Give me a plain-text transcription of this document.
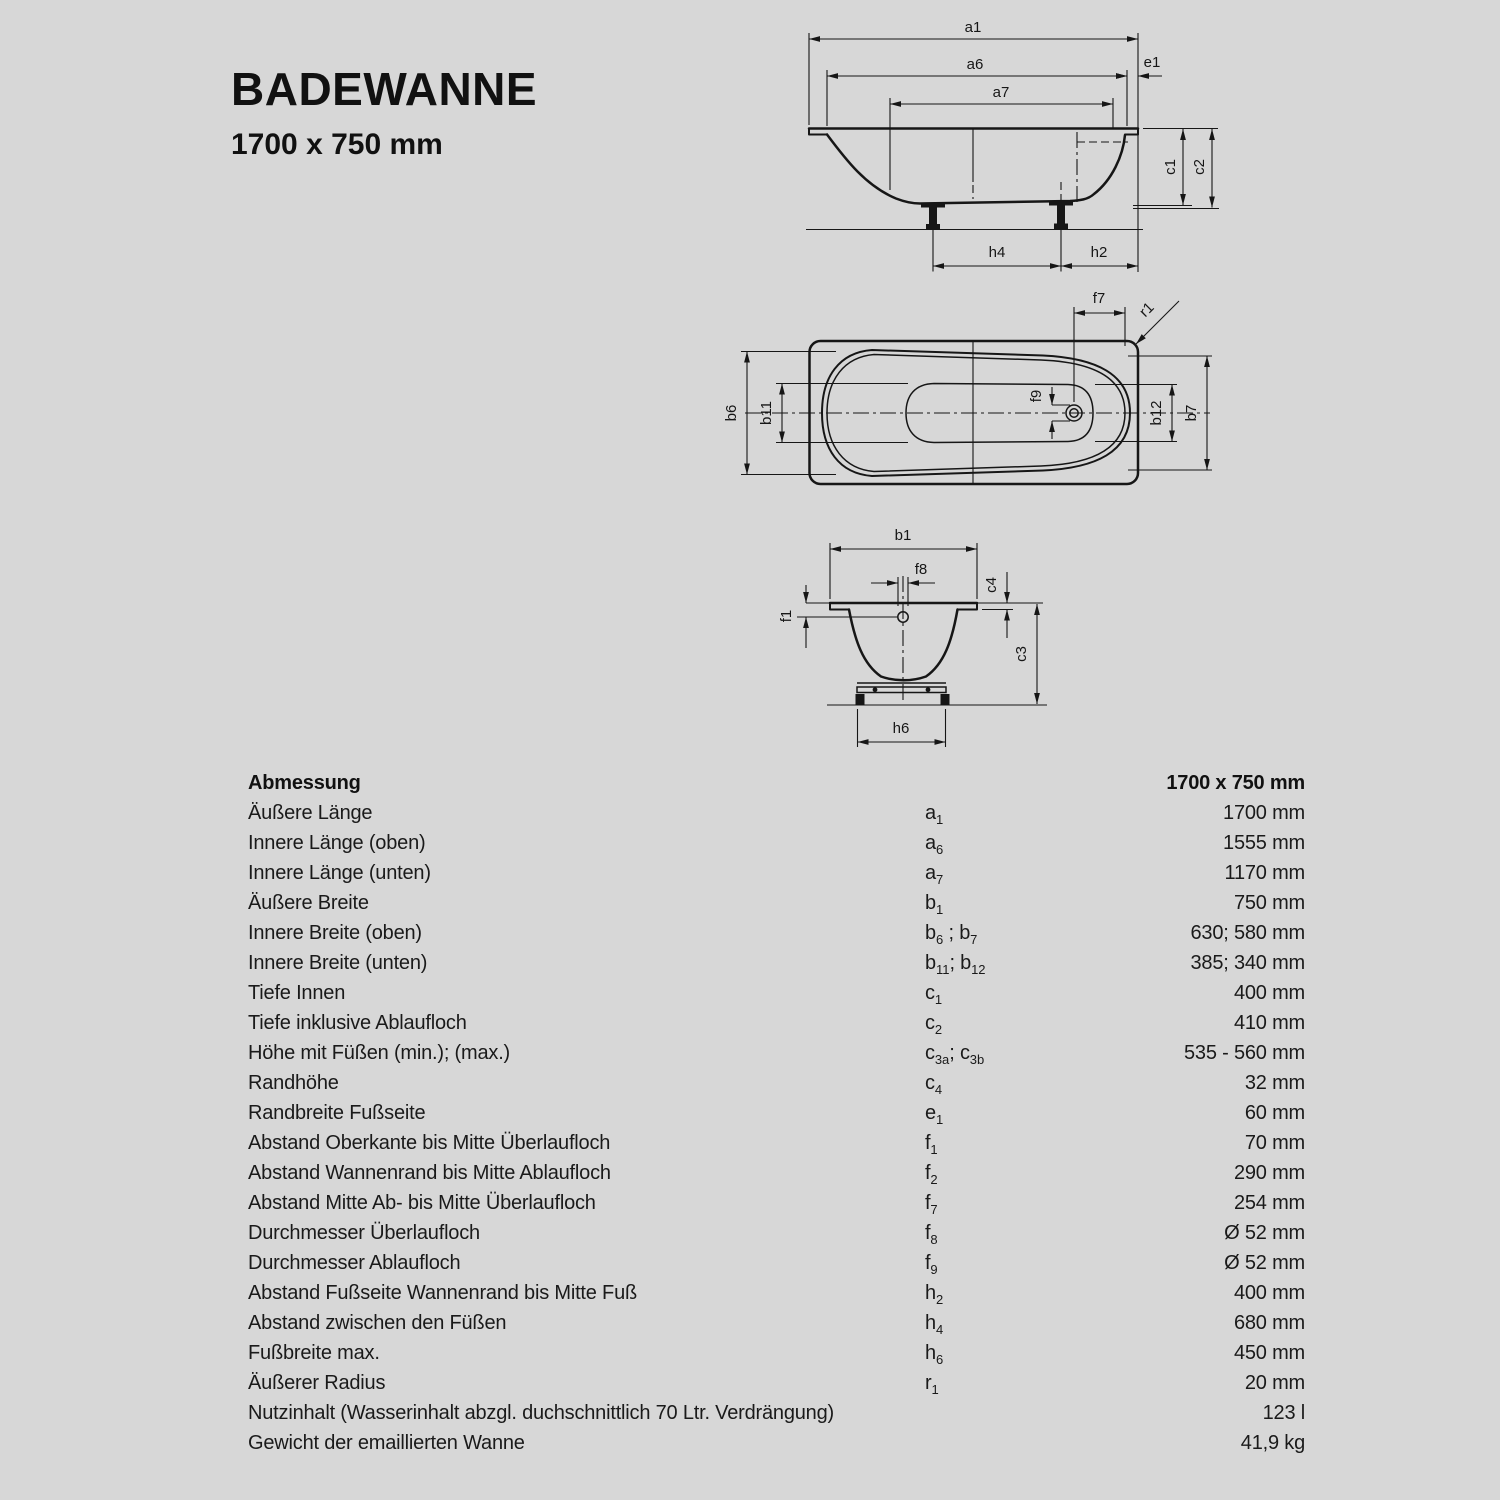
BADEWANNE
1700 x 750 mm
a1
a6
a7
e1
c1 c2
h4	h2
f7
r1
b6 b11
f9
b12 b7
b1
f8
f1
c4
c3
h6
Abmessung	1700 x 750 mm
Äußere Länge	$a_1$	1700 mm
Innere Länge (oben)	$a_6$	1555 mm
Innere Länge (unten)	$a_7$	1170 mm
Äußere Breite	$b_1$	750 mm
Innere Breite (oben)	$b_6$ ; $b_7$	630; 580 mm
Innere Breite (unten)	$b_{11}$; $b_{12}$	385; 340 mm
Tiefe Innen	$c_1$	400 mm
Tiefe inklusive Ablaufloch	$c_2$	410 mm
Höhe mit Füßen (min.); (max.)	$c_{3a}$; $c_{3b}$	535 - 560 mm
Randhöhe	$c_4$	32 mm
Randbreite Fußseite	$e_1$	60 mm
Abstand Oberkante bis Mitte Überlaufloch	$f_1$	70 mm
Abstand Wannenrand bis Mitte Ablaufloch	$f_2$	290 mm
Abstand Mitte Ab- bis Mitte Überlaufloch	$f_7$	254 mm
Durchmesser Überlaufloch	$f_8$	Ø 52 mm
Durchmesser Ablaufloch	$f_9$	Ø 52 mm
Abstand Fußseite Wannenrand bis Mitte Fuß	$h_2$	400 mm
Abstand zwischen den Füßen	$h_4$	680 mm
Fußbreite max.	$h_6$	450 mm
Äußerer Radius	$r_1$	20 mm
Nutzinhalt (Wasserinhalt abzgl. duchschnittlich 70 Ltr. Verdrängung)	123 l
Gewicht der emaillierten Wanne	41,9 kg
